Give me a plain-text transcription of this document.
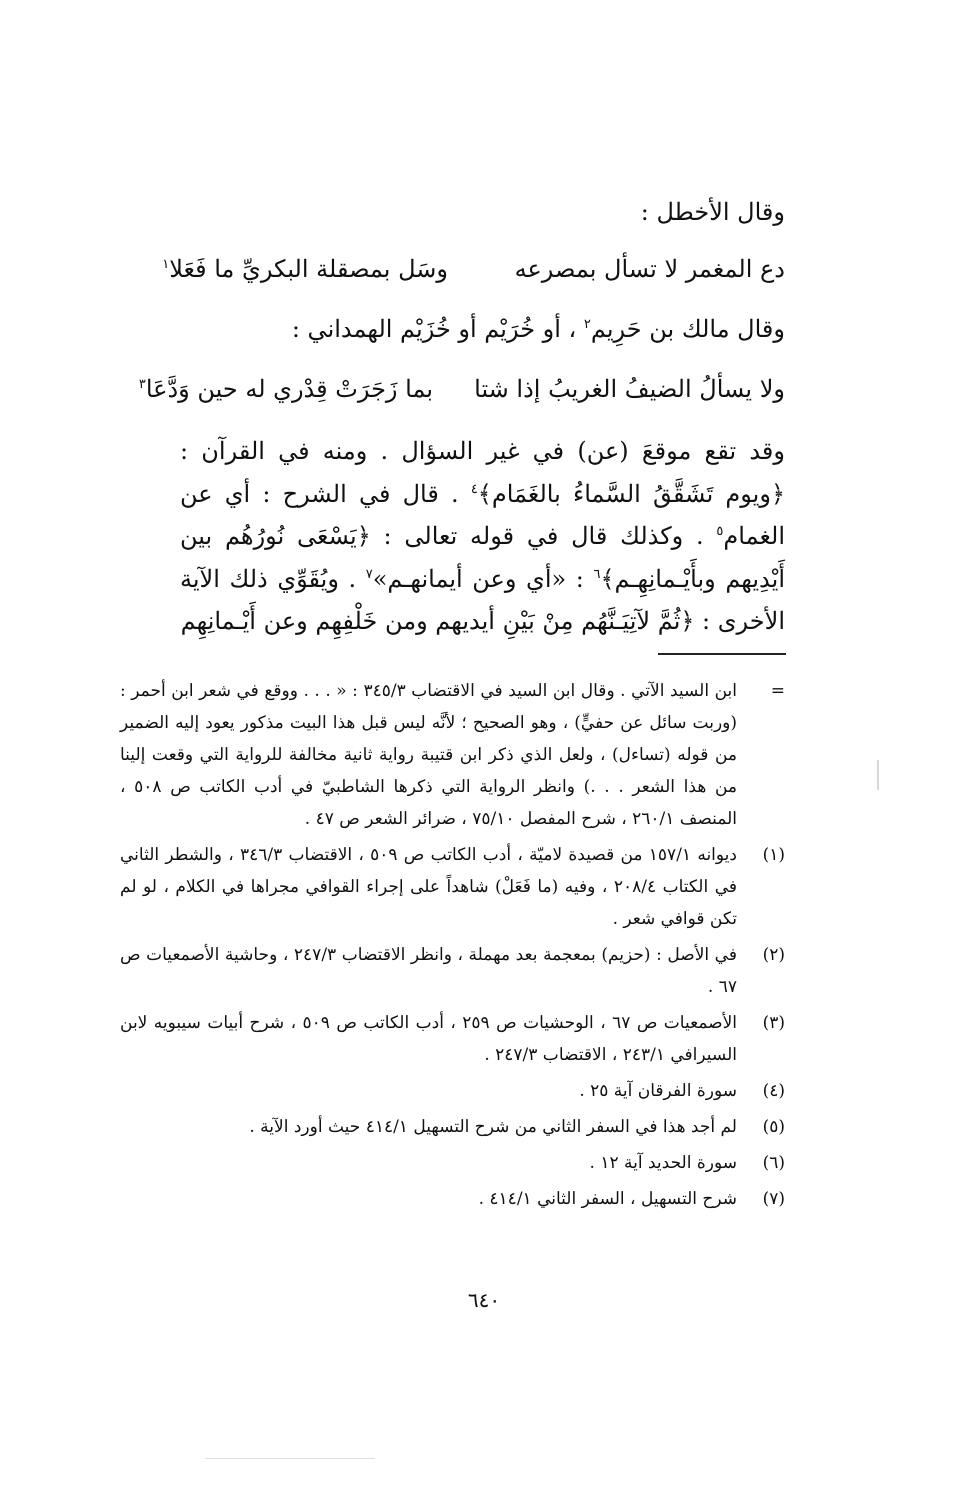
وقال الأخطل :
دع المغمر لا تسأل بمصرعه
وسَل بمصقلة البكريِّ ما فَعَلا$^١$
وقال مالك بن حَرِيم$^٢$ ، أو خُرَيْم أو خُزَيْم الهمداني :
ولا يسألُ الضيفُ الغريبُ إذا شتا
بما زَجَرَتْ قِدْري له حين وَدَّعَا$^٣$
وقد تقع موقعَ (عن) في غير السؤال . ومنه في القرآن : ﴿ويوم تَشَقَّقُ السَّماءُ بالغَمَام﴾$^٤$ . قال في الشرح : أي عن الغمام$^٥$ . وكذلك قال في قوله تعالى : ﴿يَسْعَى نُورُهُم بين أَيْدِيهم وبأَيْـمانِهِـم﴾$^٦$ : «أي وعن أيمانهـم»$^٧$ . ويُقَوِّي ذلك الآية الأخرى : ﴿ثُمَّ لآتِيَـنَّهُم مِنْ بَيْنِ أيديهم ومن خَلْفِهِم وعن أَيْـمانِهِم
=
ابن السيد الآتي . وقال ابن السيد في الاقتضاب ٣٤٥/٣ : « . . . ووقع في شعر ابن أحمر : (وربت سائل عن حفيٍّ) ، وهو الصحيح ؛ لأنَّه ليس قبل هذا البيت مذكور يعود إليه الضمير من قوله (تساءل) ، ولعل الذي ذكر ابن قتيبة رواية ثانية مخالفة للرواية التي وقعت إلينا من هذا الشعر . . .) وانظر الرواية التي ذكرها الشاطبيّ في أدب الكاتب ص ٥٠٨ ، المنصف ٢٦٠/١ ، شرح المفصل ٧٥/١٠ ، ضرائر الشعر ص ٤٧ .
(١)
ديوانه ١٥٧/١ من قصيدة لاميّة ، أدب الكاتب ص ٥٠٩ ، الاقتضاب ٣٤٦/٣ ، والشطر الثاني في الكتاب ٢٠٨/٤ ، وفيه (ما فَعَلْ) شاهداً على إجراء القوافي مجراها في الكلام ، لو لم تكن قوافي شعر .
(٢)
في الأصل : (حزيم) بمعجمة بعد مهملة ، وانظر الاقتضاب ٢٤٧/٣ ، وحاشية الأصمعيات ص ٦٧ .
(٣)
الأصمعيات ص ٦٧ ، الوحشيات ص ٢٥٩ ، أدب الكاتب ص ٥٠٩ ، شرح أبيات سيبويه لابن السيرافي ٢٤٣/١ ، الاقتضاب ٢٤٧/٣ .
(٤)
سورة الفرقان آية ٢٥ .
(٥)
لم أجد هذا في السفر الثاني من شرح التسهيل ٤١٤/١ حيث أورد الآية .
(٦)
سورة الحديد آية ١٢ .
(٧)
شرح التسهيل ، السفر الثاني ٤١٤/١ .
٦٤٠
